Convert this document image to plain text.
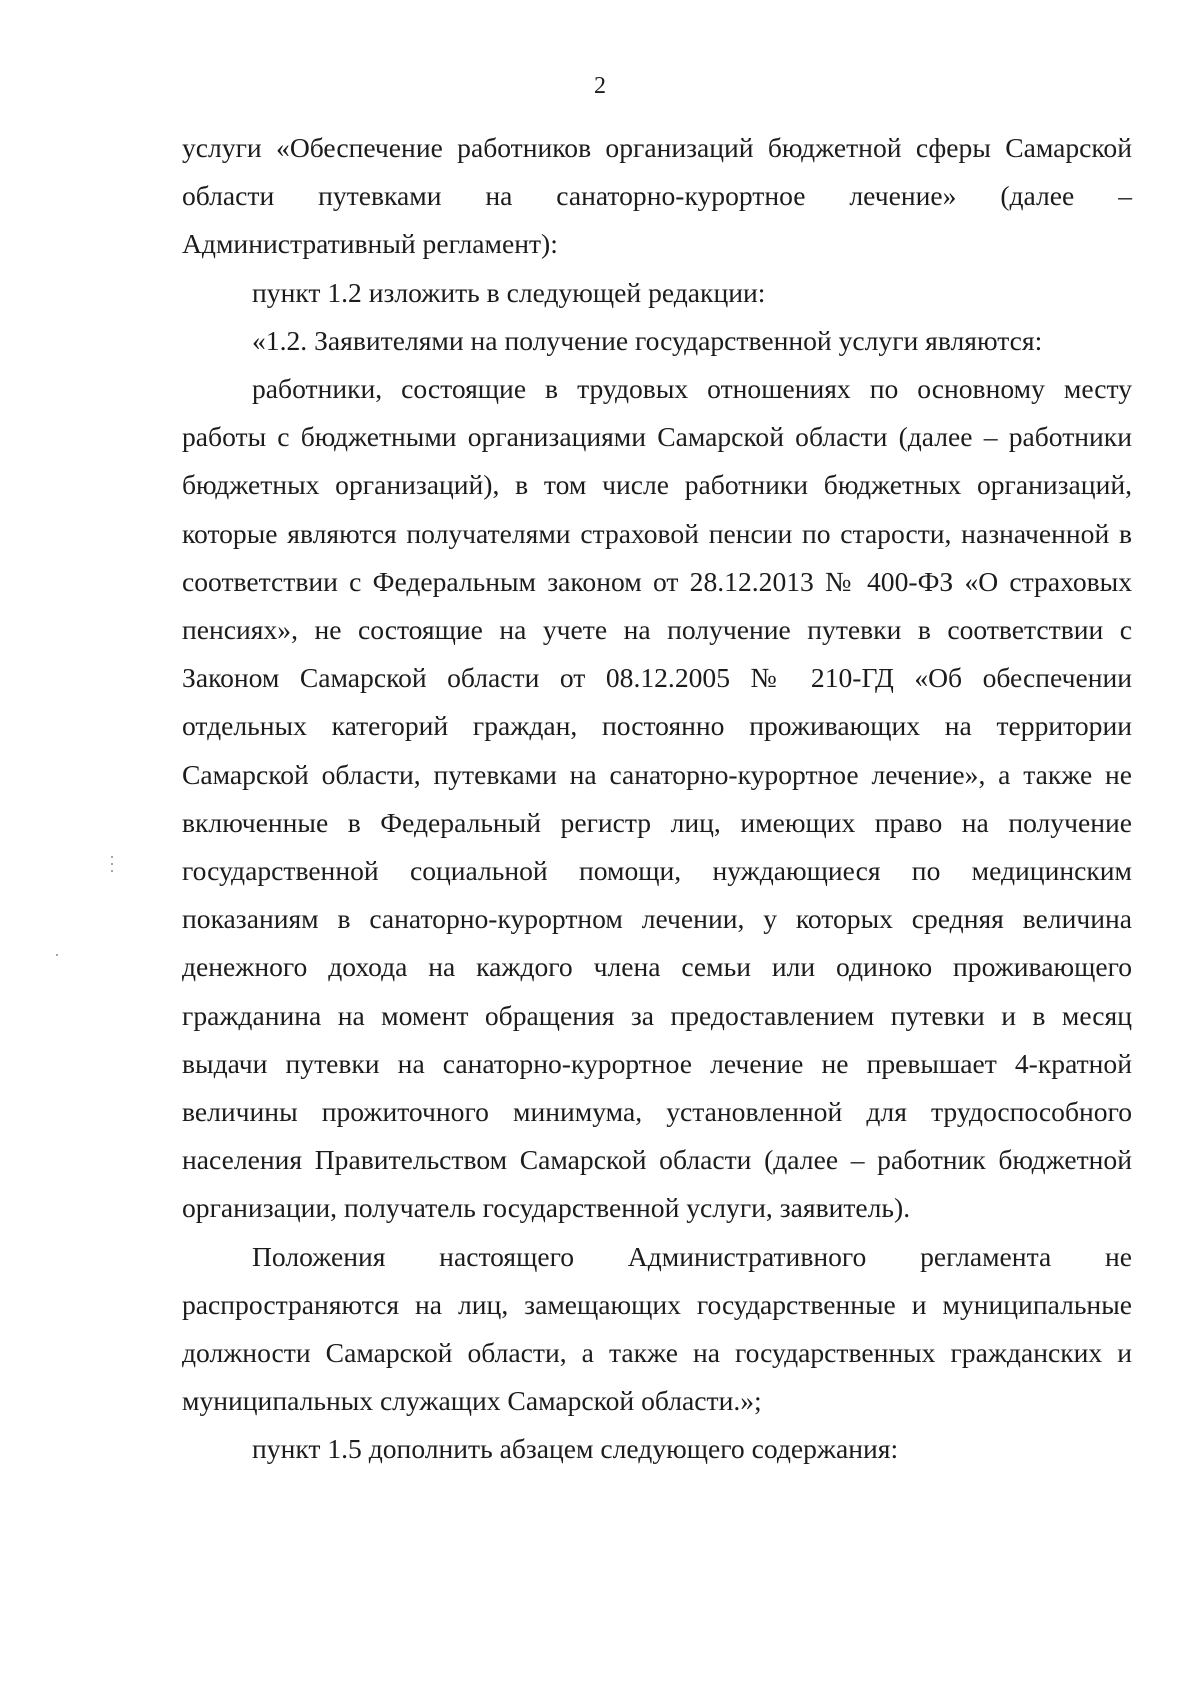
2

услуги «Обеспечение работников организаций бюджетной сферы Самарской области путевками на санаторно-курортное лечение» (далее – Административный регламент):

пункт 1.2 изложить в следующей редакции:

«1.2. Заявителями на получение государственной услуги являются:

работники, состоящие в трудовых отношениях по основному месту работы с бюджетными организациями Самарской области (далее – работники бюджетных организаций), в том числе работники бюджетных организаций, которые являются получателями страховой пенсии по старости, назначенной в соответствии с Федеральным законом от 28.12.2013 № 400-ФЗ «О страховых пенсиях», не состоящие на учете на получение путевки в соответствии с Законом Самарской области от 08.12.2005 № 210-ГД «Об обеспечении отдельных категорий граждан, постоянно проживающих на территории Самарской области, путевками на санаторно-курортное лечение», а также не включенные в Федеральный регистр лиц, имеющих право на получение государственной социальной помощи, нуждающиеся по медицинским показаниям в санаторно-курортном лечении, у которых средняя величина денежного дохода на каждого члена семьи или одиноко проживающего гражданина на момент обращения за предоставлением путевки и в месяц выдачи путевки на санаторно-курортное лечение не превышает 4-кратной величины прожиточного минимума, установленной для трудоспособного населения Правительством Самарской области (далее – работник бюджетной организации, получатель государственной услуги, заявитель).

Положения настоящего Административного регламента не распространяются на лиц, замещающих государственные и муниципальные должности Самарской области, а также на государственных гражданских и муниципальных служащих Самарской области.»;

пункт 1.5 дополнить абзацем следующего содержания:
